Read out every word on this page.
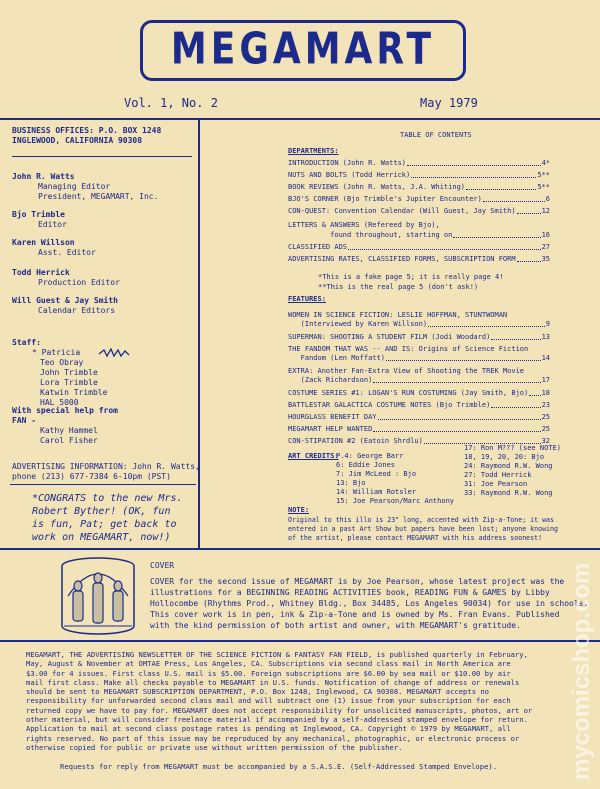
MEGAMART
Vol. 1, No. 2	May 1979
BUSINESS OFFICES: P.O. BOX 1248
INGLEWOOD, CALIFORNIA 90308
John R. Watts
Managing Editor
President, MEGAMART, Inc.
Bjo Trimble
Editor
Karen Willson
Asst. Editor
Todd Herrick
Production Editor
Will Guest & Jay Smith
Calendar Editors
Staff:
* Patricia
Teo Obray
John Trimble
Lora Trimble
Katwin Trimble
HAL 5000
With special help from
FAN -
Kathy Hammel
Carol Fisher
ADVERTISING INFORMATION: John R. Watts,
phone (213) 677-7384 6-10pm (PST)
*CONGRATS to the new Mrs.
Robert Byther! (OK, fun
is fun, Pat; get back to
work on MEGAMART, now!)
TABLE OF CONTENTS
DEPARTMENTS:
INTRODUCTION (John R. Watts)	4*
NUTS AND BOLTS (Todd Herrick)	5**
BOOK REVIEWS (John R. Watts, J.A. Whiting)	5**
BJO'S CORNER (Bjo Trimble's Jupiter Encounter)	6
CON-QUEST: Convention Calendar (Will Guest, Jay Smith)	12
LETTERS & ANSWERS (Refereed by Bjo),
found throughout, starting on	16
CLASSIFIED ADS	27
ADVERTISING RATES, CLASSIFIED FORMS, SUBSCRIPTION FORM	35
*This is a fake page 5; it is really page 4!
**This is the real page 5 (don't ask!)
FEATURES:
WOMEN IN SCIENCE FICTION: LESLIE HOFFMAN, STUNTWOMAN
(Interviewed by Karen Willson)	9
SUPERMAN: SHOOTING A STUDENT FILM (Jodi Woodard)	13
THE FANDOM THAT WAS -- AND IS: Origins of Science Fiction
Fandom (Len Moffatt)	14
EXTRA: Another Fan-Extra View of Shooting the TREK Movie
(Zack Richardson)	17
COSTUME SERIES #1: LOGAN'S RUN COSTUMING (Jay Smith, Bjo) 18
BATTLESTAR GALACTICA COSTUME NOTES (Bjo Trimble)	23
HOURGLASS BENEFIT DAY	25
MEGAMART HELP WANTED	25
CON-STIPATION #2 (Eatoin Shrdlu)	32
ART CREDITS:
P.4: George Barr
6: Eddie Jones
7: Jim McLeod : Bjo
13: Bjo
14: William Rotsler
15: Joe Pearson/Marc Anthony
17: Ron M??? (see NOTE)
18, 19, 20, 20: Bjo
24: Raymond R.W. Wong
27: Todd Herrick
31: Joe Pearson
33: Raymond R.W. Wong
NOTE:
Original to this illo is 23" long, accented with Zip-a-Tone; it was
entered in a past Art Show but papers have been lost; anyone knowing
of the artist, please contact MEGAMART with his address soonest!
COVER
COVER for the second issue of MEGAMART is by Joe Pearson, whose latest project was the
illustrations for a BEGINNING READING ACTIVITIES book, READING FUN & GAMES by Libby
Hollocombe (Rhythms Prod., Whitney Bldg., Box 34485, Los Angeles 90034) for use in schools.
This cover work is in pen, ink & Zip-a-Tone and is owned by Ms. Fran Evans. Published
with the kind permission of both artist and owner, with MEGAMART's gratitude.
MEGAMART, THE ADVERTISING NEWSLETTER OF THE SCIENCE FICTION & FANTASY FAN FIELD, is published quarterly in February,
May, August & November at OMTAE Press, Los Angeles, CA. Subscriptions via second class mail in North America are
$3.00 for 4 issues. First class U.S. mail is $5.00. Foreign subscriptions are $6.00 by sea mail or $10.00 by air
mail first class. Make all checks payable to MEGAMART in U.S. funds. Notification of change of address or renewals
should be sent to MEGAMART SUBSCRIPTION DEPARTMENT, P.O. Box 1248, Inglewood, CA 90308. MEGAMART accepts no
responsibility for unforwarded second class mail and will subtract one (1) issue from your subscription for each
returned copy we have to pay for. MEGAMART does not accept responsibility for unsolicited manuscripts, photos, art or
other material, but will consider freelance material if accompanied by a self-addressed stamped envelope for return.
Application to mail at second class postage rates is pending at Inglewood, CA. Copyright © 1979 by MEGAMART, all
rights reserved. No part of this issue may be reproduced by any mechanical, photographic, or electronic process or
otherwise copied for public or private use without written permission of the publisher.
Requests for reply from MEGAMART must be accompanied by a S.A.S.E. (Self-Addressed Stamped Envelope).	mycomicshop.com
